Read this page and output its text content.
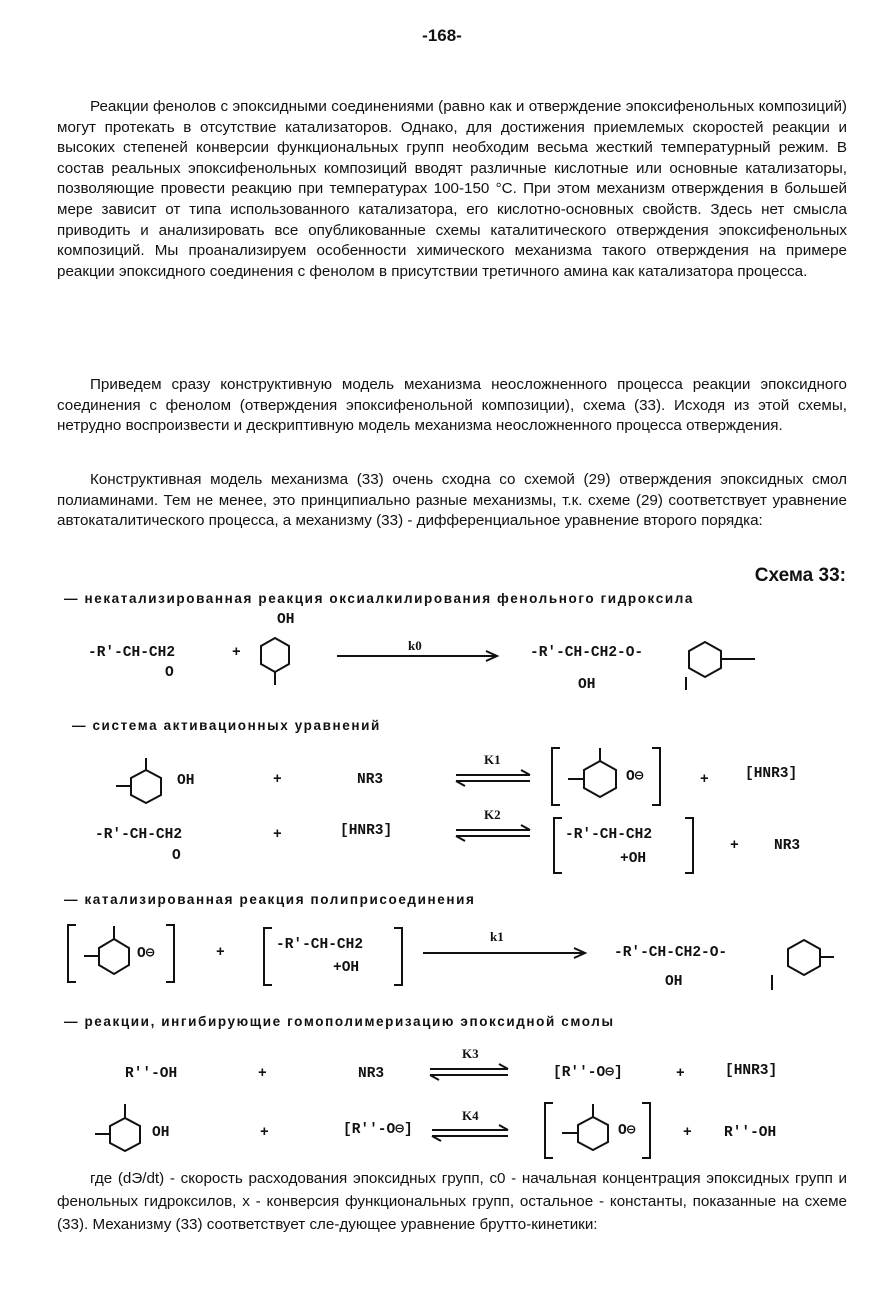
-168-

Реакции фенолов с эпоксидными соединениями (равно как и отверждение эпоксифенольных композиций) могут протекать в отсутствие катализаторов. Однако, для достижения приемлемых скоростей реакции и высоких степеней конверсии функциональных групп необходим весьма жесткий температурный режим. В состав реальных эпоксифенольных композиций вводят различные кислотные или основные катализаторы, позволяющие провести реакцию при температурах 100-150 °С. При этом механизм отверждения в большей мере зависит от типа использованного катализатора, его кислотно-основных свойств. Здесь нет смысла приводить и анализировать все опубликованные схемы каталитического отверждения эпоксифенольных композиций. Мы проанализируем особенности химического механизма такого отверждения на примере реакции эпоксидного соединения с фенолом в присутствии третичного амина как катализатора процесса.

Приведем сразу конструктивную модель механизма неосложненного процесса реакции эпоксидного соединения с фенолом (отверждения эпоксифенольной композиции), схема (33). Исходя из этой схемы, нетрудно воспроизвести и дескриптивную модель механизма неосложненного процесса отверждения.

Конструктивная модель механизма (33) очень сходна со схемой (29) отверждения эпоксидных смол полиаминами. Тем не менее, это принципиально разные механизмы, т.к. схеме (29) соответствует уравнение автокаталитического процесса, а механизму (33) - дифференциальное уравнение второго порядка:

Схема 33:
— некатализированная реакция оксиалкилирования фенольного гидроксила
— система активационных уравнений
— катализированная реакция полиприсоединения
— реакции, ингибирующие гомополимеризацию эпоксидной смолы
-R'-CH-CH2
O
+
OH
k0	-R'-CH-CH2-O-
OH
OH	+	NR3
K1
O⊖	+	[HNR3]
-R'-CH-CH2
O
+	[HNR3]
K2
-R'-CH-CH2
+OH
+ NR3
O⊖	+	-R'-CH-CH2
+OH
k1
-R'-CH-CH2-O-
OH
R''-OH	+	NR3
K3
[R''-O⊖]	+	[HNR3]
OH	+	[R''-O⊖]
K4
O⊖	+ R''-OH

где (dЭ/dt) - скорость расходования эпоксидных групп, c0 - начальная концентрация эпоксидных групп и фенольных гидроксилов, x - конверсия функциональных групп, остальное - константы, показанные на схеме (33). Механизму (33) соответствует сле-дующее уравнение брутто-кинетики:
